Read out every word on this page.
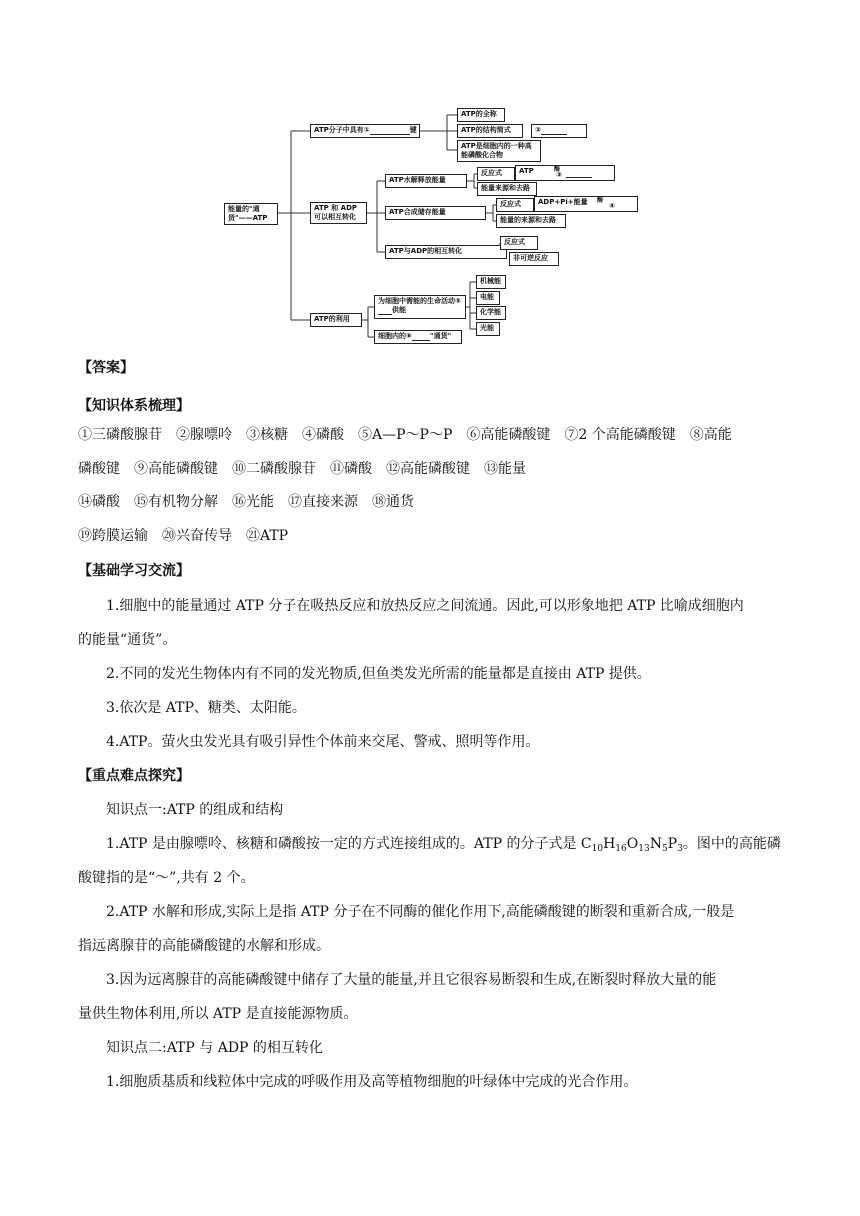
能量的"通货"——ATP
ATP分子中具有①	键
ATP的全称
ATP的结构简式	②
ATP是细胞内的一种高能磷酸化合物
ATP 和 ADP可以相互转化
ATP水解释放能量
反应式	ATP	酶
③
能量来源和去路
ATP合成储存能量
反应式	ADP+Pi+能量 酶
④
能量的来源和去路
ATP与ADP的相互转化
反应式
非可逆反应
ATP的利用
为细胞中需能的生命活动⑤供能
机械能
电能
化学能
光能
细胞内的⑥	"通货"
【答案】
【知识体系梳理】
①三磷酸腺苷　②腺嘌呤　③核糖　④磷酸　⑤A—P～P～P　⑥高能磷酸键　⑦2 个高能磷酸键　⑧高能
磷酸键　⑨高能磷酸键　⑩二磷酸腺苷　⑪磷酸　⑫高能磷酸键　⑬能量
⑭磷酸　⑮有机物分解　⑯光能　⑰直接来源　⑱通货
⑲跨膜运输　⑳兴奋传导　㉑ATP
【基础学习交流】
1.细胞中的能量通过 ATP 分子在吸热反应和放热反应之间流通。因此,可以形象地把 ATP 比喻成细胞内
的能量“通货”。
2.不同的发光生物体内有不同的发光物质,但鱼类发光所需的能量都是直接由 ATP 提供。
3.依次是 ATP、糖类、太阳能。
4.ATP。萤火虫发光具有吸引异性个体前来交尾、警戒、照明等作用。
【重点难点探究】
知识点一:ATP 的组成和结构
1.ATP 是由腺嘌呤、核糖和磷酸按一定的方式连接组成的。ATP 的分子式是 $C_{10}H_{16}O_{13}N_5P_3$。图中的高能磷
酸键指的是“～”,共有 2 个。
2.ATP 水解和形成,实际上是指 ATP 分子在不同酶的催化作用下,高能磷酸键的断裂和重新合成,一般是
指远离腺苷的高能磷酸键的水解和形成。
3.因为远离腺苷的高能磷酸键中储存了大量的能量,并且它很容易断裂和生成,在断裂时释放大量的能
量供生物体利用,所以 ATP 是直接能源物质。
知识点二:ATP 与 ADP 的相互转化
1.细胞质基质和线粒体中完成的呼吸作用及高等植物细胞的叶绿体中完成的光合作用。
